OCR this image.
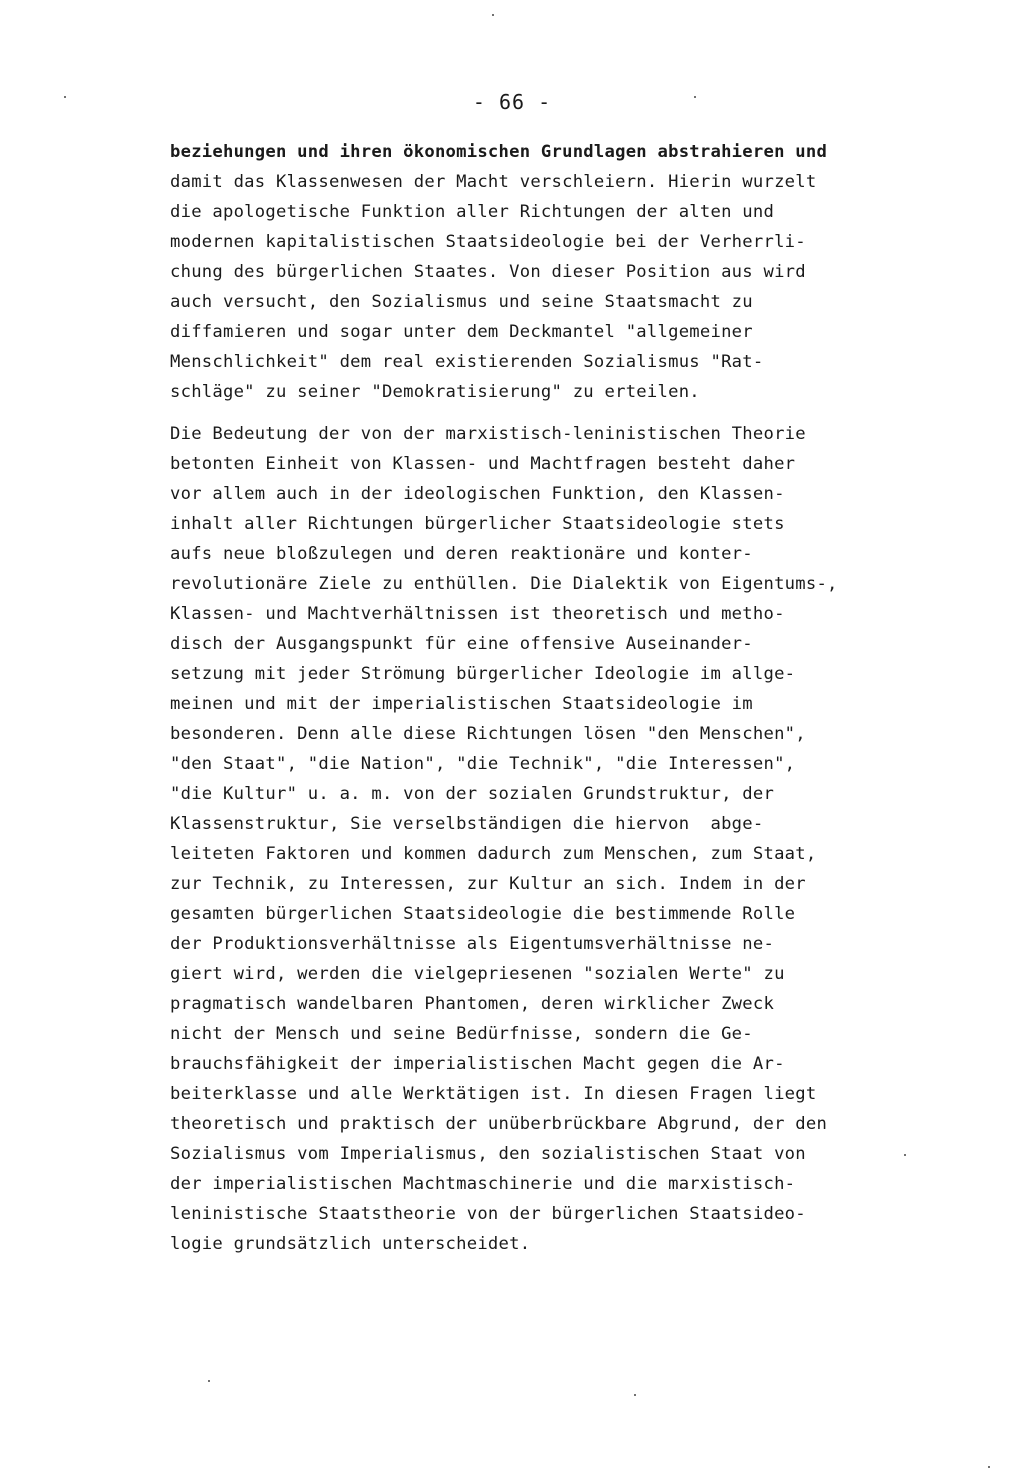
- 66 -
beziehungen und ihren ökonomischen Grundlagen abstrahieren und
damit das Klassenwesen der Macht verschleiern. Hierin wurzelt
die apologetische Funktion aller Richtungen der alten und
modernen kapitalistischen Staatsideologie bei der Verherrli-
chung des bürgerlichen Staates. Von dieser Position aus wird
auch versucht, den Sozialismus und seine Staatsmacht zu
diffamieren und sogar unter dem Deckmantel "allgemeiner
Menschlichkeit" dem real existierenden Sozialismus "Rat-
schläge" zu seiner "Demokratisierung" zu erteilen.
Die Bedeutung der von der marxistisch-leninistischen Theorie
betonten Einheit von Klassen- und Machtfragen besteht daher
vor allem auch in der ideologischen Funktion, den Klassen-
inhalt aller Richtungen bürgerlicher Staatsideologie stets
aufs neue bloßzulegen und deren reaktionäre und konter-
revolutionäre Ziele zu enthüllen. Die Dialektik von Eigentums-,
Klassen- und Machtverhältnissen ist theoretisch und metho-
disch der Ausgangspunkt für eine offensive Auseinander-
setzung mit jeder Strömung bürgerlicher Ideologie im allge-
meinen und mit der imperialistischen Staatsideologie im
besonderen. Denn alle diese Richtungen lösen "den Menschen",
"den Staat", "die Nation", "die Technik", "die Interessen",
"die Kultur" u. a. m. von der sozialen Grundstruktur, der
Klassenstruktur, Sie verselbständigen die hiervon  abge-
leiteten Faktoren und kommen dadurch zum Menschen, zum Staat,
zur Technik, zu Interessen, zur Kultur an sich. Indem in der
gesamten bürgerlichen Staatsideologie die bestimmende Rolle
der Produktionsverhältnisse als Eigentumsverhältnisse ne-
giert wird, werden die vielgepriesenen "sozialen Werte" zu
pragmatisch wandelbaren Phantomen, deren wirklicher Zweck
nicht der Mensch und seine Bedürfnisse, sondern die Ge-
brauchsfähigkeit der imperialistischen Macht gegen die Ar-
beiterklasse und alle Werktätigen ist. In diesen Fragen liegt
theoretisch und praktisch der unüberbrückbare Abgrund, der den
Sozialismus vom Imperialismus, den sozialistischen Staat von
der imperialistischen Machtmaschinerie und die marxistisch-
leninistische Staatstheorie von der bürgerlichen Staatsideo-
logie grundsätzlich unterscheidet.
